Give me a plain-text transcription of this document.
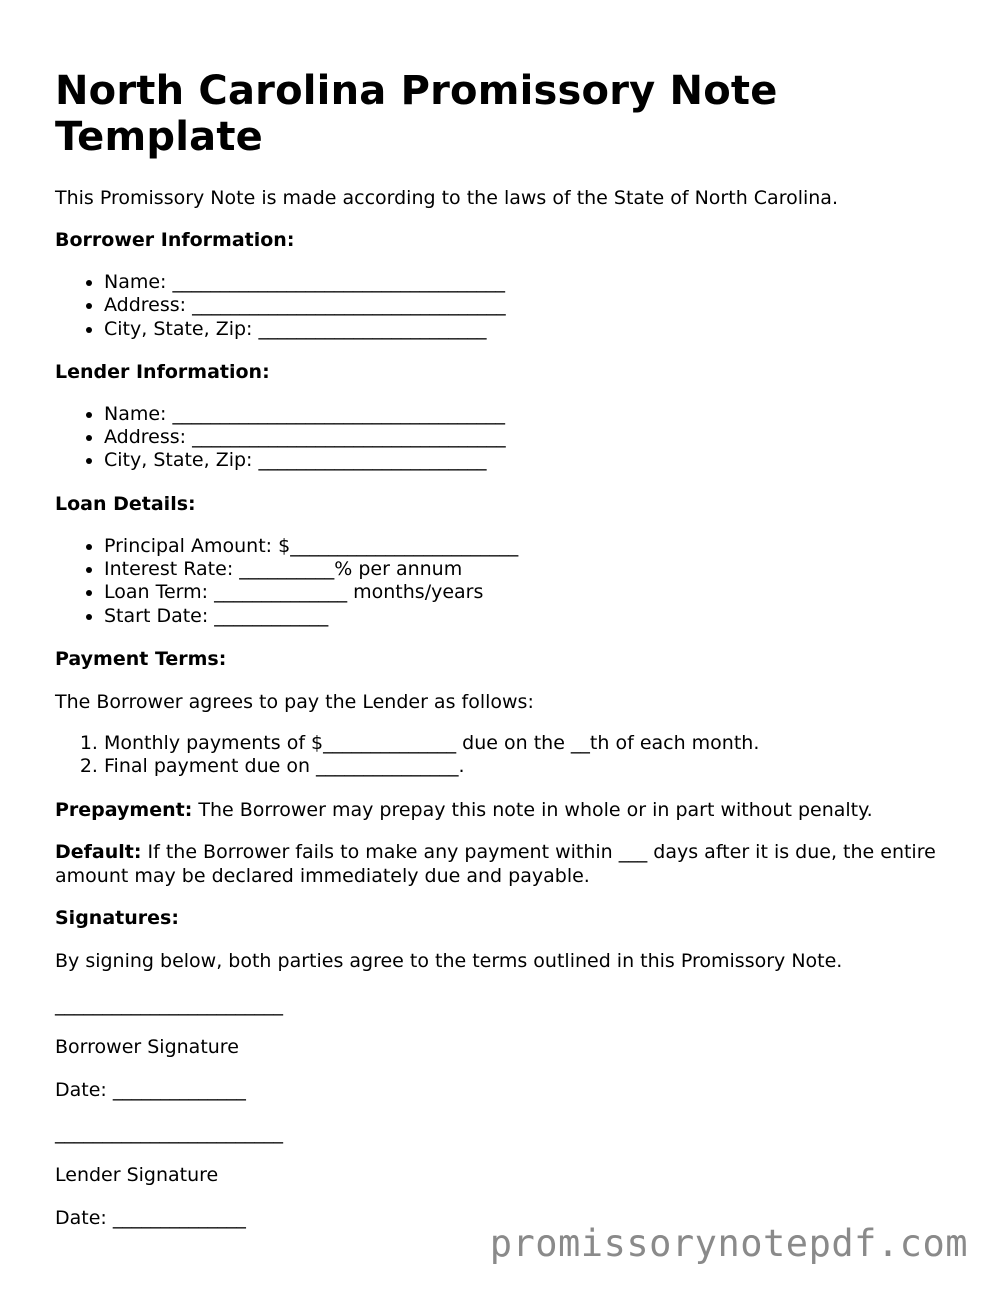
North Carolina Promissory Note Template

This Promissory Note is made according to the laws of the State of North Carolina.

Borrower Information:

• Name: ___________________________________
• Address: _________________________________
• City, State, Zip: ________________________

Lender Information:

• Name: ___________________________________
• Address: _________________________________
• City, State, Zip: ________________________

Loan Details:

• Principal Amount: $________________________
• Interest Rate: __________% per annum
• Loan Term: ______________ months/years
• Start Date: ____________

Payment Terms:

The Borrower agrees to pay the Lender as follows:

1. Monthly payments of $______________ due on the __th of each month.
2. Final payment due on _______________.

Prepayment: The Borrower may prepay this note in whole or in part without penalty.

Default: If the Borrower fails to make any payment within ___ days after it is due, the entire amount may be declared immediately due and payable.

Signatures:

By signing below, both parties agree to the terms outlined in this Promissory Note.

________________________

Borrower Signature

Date: ______________

________________________

Lender Signature

Date: ______________

promissorynotepdf.com
